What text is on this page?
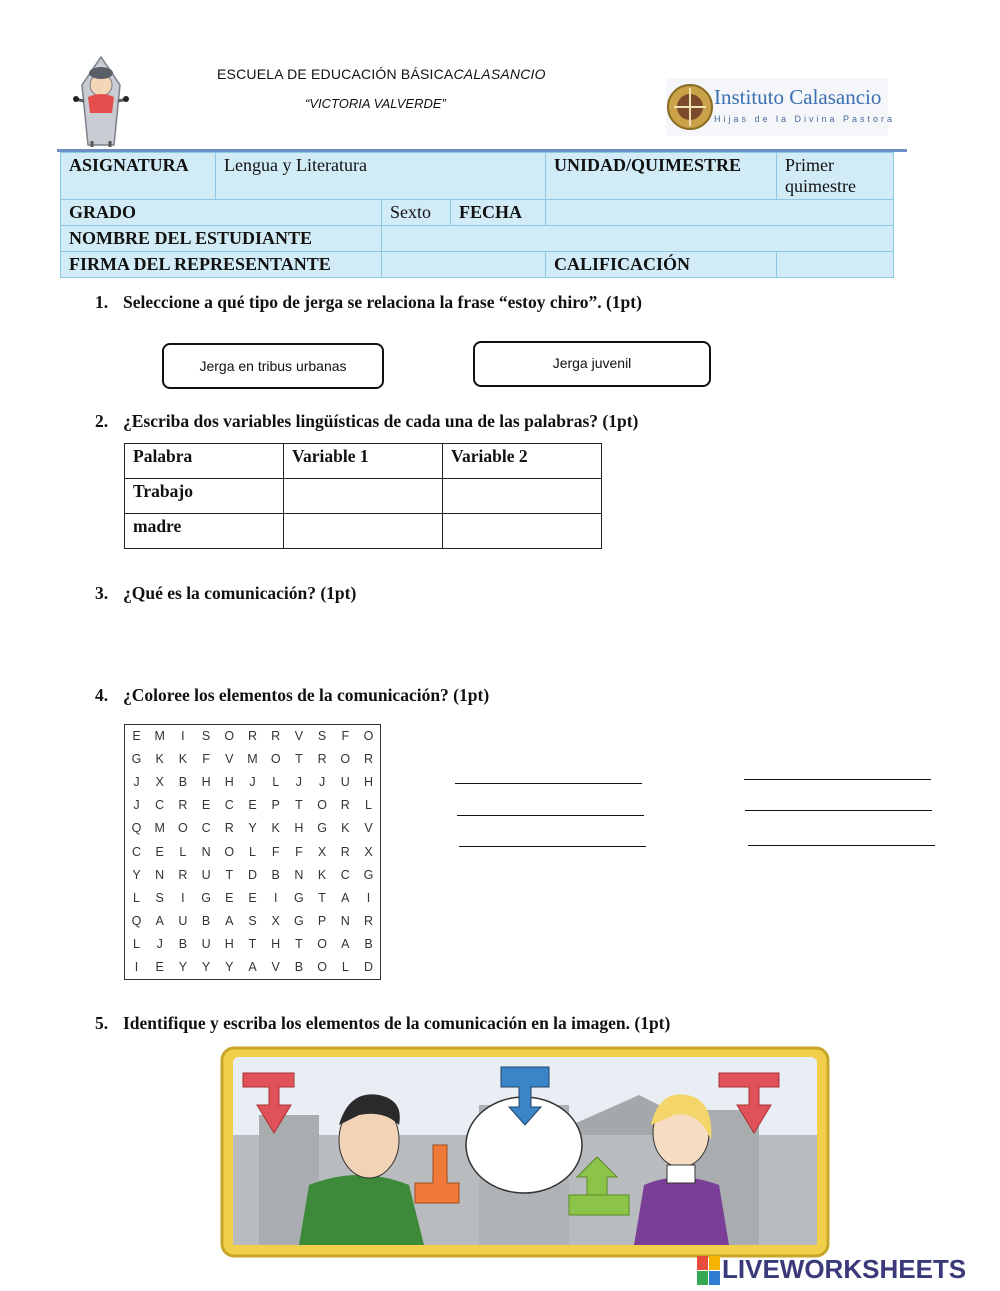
ESCUELA DE EDUCACIÓN BÁSICACALASANCIO
“VICTORIA VALVERDE”	Instituto Calasancio
Hijas de la Divina Pastora
ASIGNATURA	Lengua y Literatura			UNIDAD/QUIMESTRE	Primer quimestre
GRADO		Sexto	FECHA		
NOMBRE DEL ESTUDIANTE					
FIRMA DEL REPRESENTANTE				CALIFICACIÓN	
1. Seleccione a qué tipo de jerga se relaciona la frase “estoy chiro”. (1pt)
Jerga en tribus urbanas	Jerga juvenil
2. ¿Escriba dos variables lingüísticas de cada una de las palabras? (1pt)
Palabra	Variable 1	Variable 2
Trabajo		
madre		
3. ¿Qué es la comunicación? (1pt)
4. ¿Coloree los elementos de la comunicación? (1pt)
E	M	I	S	O	R	R	V	S	F	O
G	K	K	F	V	M	O	T	R	O	R
J	X	B	H	H	J	L	J	J	U	H
J	C	R	E	C	E	P	T	O	R	L
Q	M	O	C	R	Y	K	H	G	K	V
C	E	L	N	O	L	F	F	X	R	X
Y	N	R	U	T	D	B	N	K	C	G
L	S	I	G	E	E	I	G	T	A	I
Q	A	U	B	A	S	X	G	P	N	R
L	J	B	U	H	T	H	T	O	A	B
I	E	Y	Y	Y	A	V	B	O	L	D
5. Identifique y escriba los elementos de la comunicación en la imagen. (1pt)
LIVEWORKSHEETS
